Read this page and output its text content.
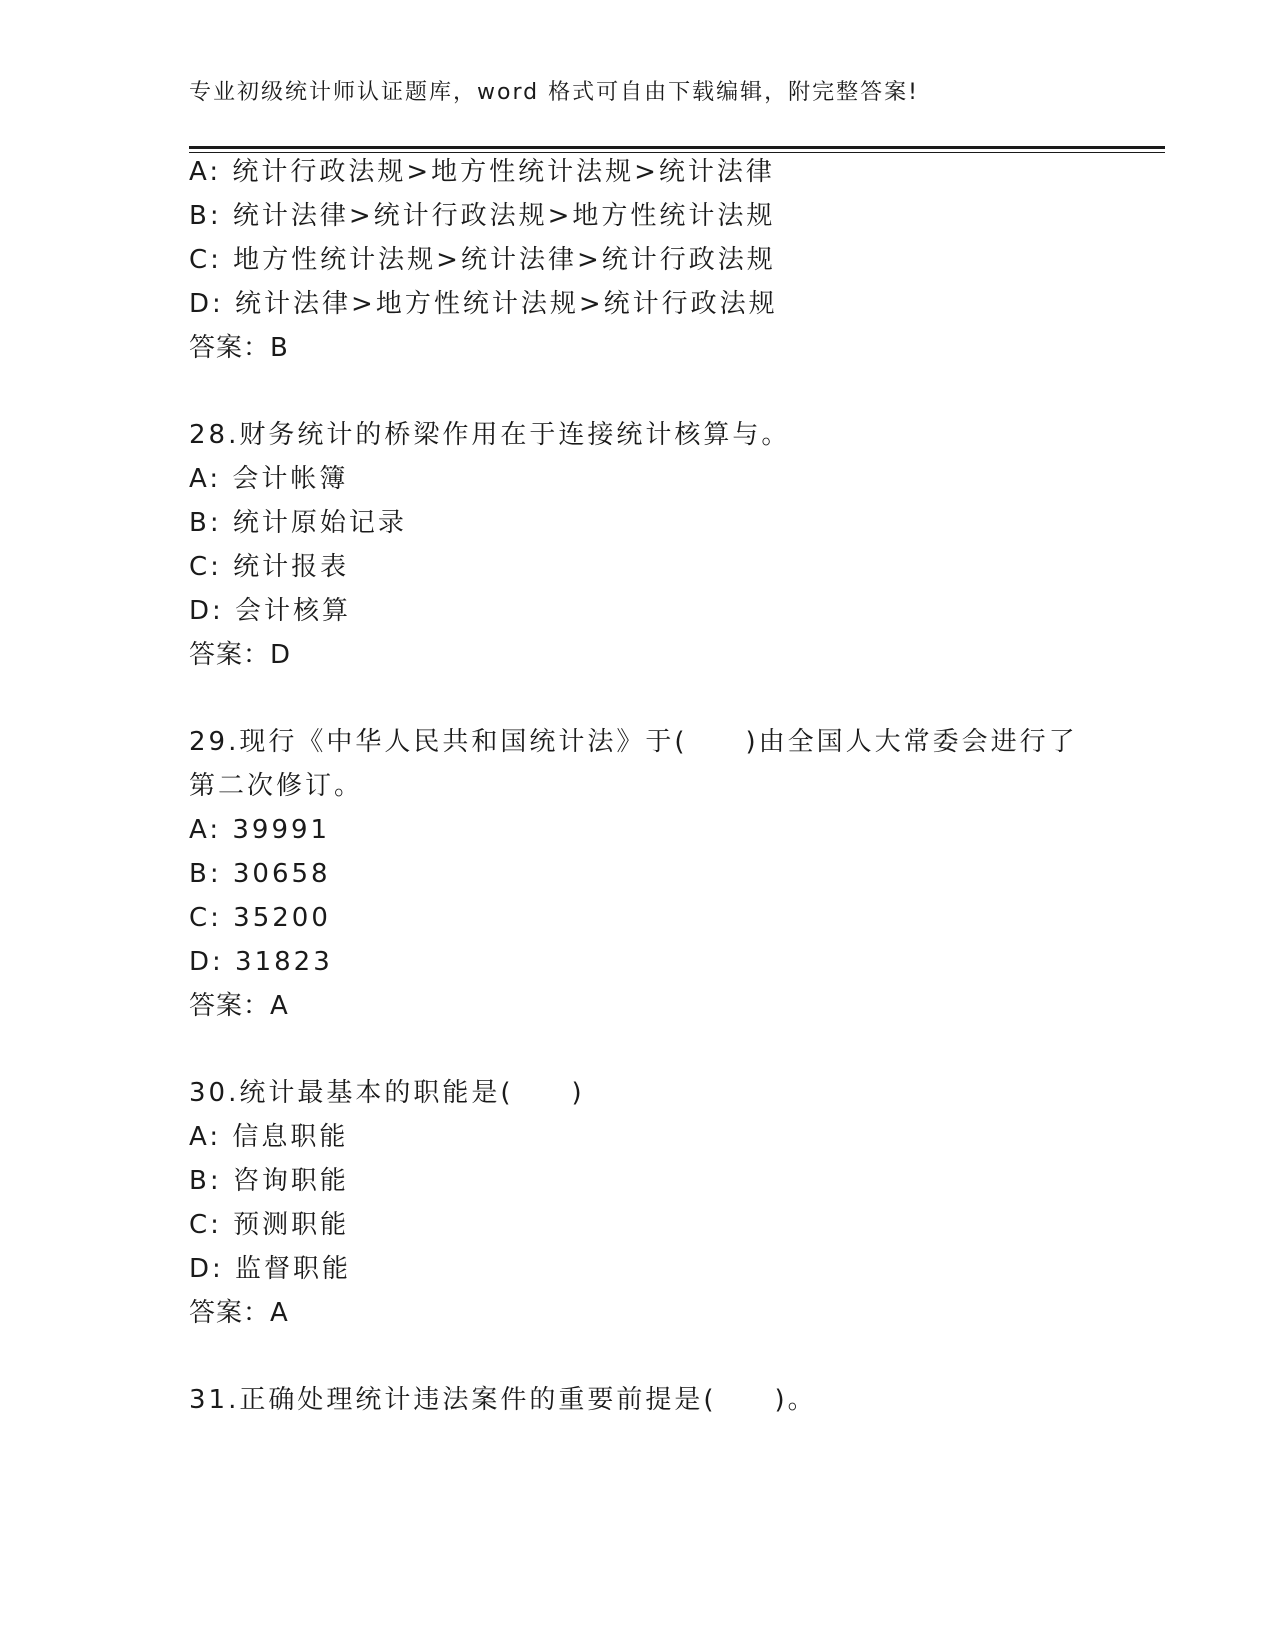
专业初级统计师认证题库，word 格式可自由下载编辑，附完整答案!
A: 统计行政法规>地方性统计法规>统计法律
B: 统计法律>统计行政法规>地方性统计法规
C: 地方性统计法规>统计法律>统计行政法规
D: 统计法律>地方性统计法规>统计行政法规
答案：B
28.财务统计的桥梁作用在于连接统计核算与。
A: 会计帐簿
B: 统计原始记录
C: 统计报表
D: 会计核算
答案：D
29.现行《中华人民共和国统计法》于(　　)由全国人大常委会进行了
第二次修订。
A: 39991
B: 30658
C: 35200
D: 31823
答案：A
30.统计最基本的职能是(　　)
A: 信息职能
B: 咨询职能
C: 预测职能
D: 监督职能
答案：A
31.正确处理统计违法案件的重要前提是(　　)。
